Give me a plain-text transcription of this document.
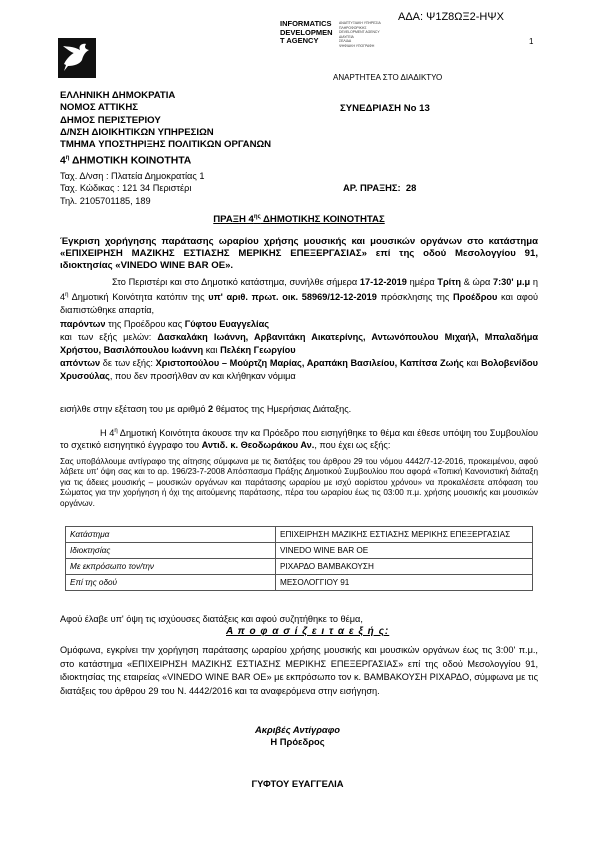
INFORMATICS
DEVELOPMEN
T AGENCY
ΑΝΑΠΤΥΞΙΑΚΗ ΥΠΗΡΕΣΙΑ
ΠΛΗΡΟΦΟΡΙΚΗΣ
DEVELOPMENT AGENCY
ΔΙΑΥΓΕΙΑ
ΣΕΛΙΔΑ
ΨΗΦΙΑΚΗ ΥΠΟΓΡΑΦΗ
ΑΔΑ: Ψ1Ζ8ΩΞ2-ΗΨΧ
1
ΑΝΑΡΤΗΤΕΑ ΣΤΟ ΔΙΑΔΙΚΤΥΟ
ΕΛΛΗΝΙΚΗ ΔΗΜΟΚΡΑΤΙΑ
ΝΟΜΟΣ ΑΤΤΙΚΗΣ
ΔΗΜΟΣ ΠΕΡΙΣΤΕΡΙΟΥ
Δ/ΝΣΗ ΔΙΟΙΚΗΤΙΚΩΝ ΥΠΗΡΕΣΙΩΝ
ΤΜΗΜΑ ΥΠΟΣΤΗΡΙΞΗΣ ΠΟΛΙΤΙΚΩΝ ΟΡΓΑΝΩΝ
ΣΥΝΕΔΡΙΑΣΗ Νο 13
$4^\eta$ ΔΗΜΟΤΙΚΗ ΚΟΙΝΟΤΗΤΑ
Ταχ. Δ/νση : Πλατεία Δημοκρατίας 1
Ταχ. Κώδικας : 121 34 Περιστέρι
Τηλ. 2105701185, 189
ΑΡ. ΠΡΑΞΗΣ: 28
ΠΡΑΞΗ $4^{\eta\varsigma}$ ΔΗΜΟΤΙΚΗΣ ΚΟΙΝΟΤΗΤΑΣ
Έγκριση χορήγησης παράτασης ωραρίου χρήσης μουσικής και μουσικών οργάνων στο κατάστημα «ΕΠΙΧΕΙΡΗΣΗ ΜΑΖΙΚΗΣ ΕΣΤΙΑΣΗΣ ΜΕΡΙΚΗΣ ΕΠΕΞΕΡΓΑΣΙΑΣ» επί της οδού Μεσολογγίου 91, ιδιοκτησίας «VINEDO WINE BAR OE».
Στο Περιστέρι και στο Δημοτικό κατάστημα, συνήλθε σήμερα 17-12-2019 ημέρα Τρίτη & ώρα 7:30' μ.μ η $4^\eta$ Δημοτική Κοινότητα κατόπιν της υπ' αριθ. πρωτ. οικ. 58969/12-12-2019 πρόσκλησης της Προέδρου και αφού διαπιστώθηκε απαρτία,
παρόντων της Προέδρου κας Γύφτου Ευαγγελίας
και των εξής μελών: Δασκαλάκη Ιωάννη, Αρβανιτάκη Αικατερίνης, Αντωνόπουλου Μιχαήλ, Μπαλαδήμα Χρήστου, Βασιλόπουλου Ιωάννη και Πελέκη Γεωργίου
απόντων δε των εξής: Χριστοπούλου – Μούρτζη Μαρίας, Αραπάκη Βασιλείου, Καπίτσα Ζωής και Βολοβενίδου Χρυσούλας, που δεν προσήλθαν αν και κλήθηκαν νόμιμα
εισήλθε στην εξέταση του με αριθμό 2 θέματος της Ημερήσιας Διάταξης.
Η $4^\eta$ Δημοτική Κοινότητα άκουσε την κα Πρόεδρο που εισηγήθηκε το θέμα και έθεσε υπόψη του Συμβουλίου το σχετικό εισηγητικό έγγραφο του Αντιδ. κ. Θεοδωράκου Αν., που έχει ως εξής:
Σας υποβάλλουμε αντίγραφο της αίτησης σύμφωνα με τις διατάξεις του άρθρου 29 του νόμου 4442/7-12-2016, προκειμένου, αφού λάβετε υπ' όψη σας και το αρ. 196/23-7-2008 Απόσπασμα Πράξης Δημοτικού Συμβουλίου που αφορά «Τοπική Κανονιστική διάταξη για τις άδειες μουσικής – μουσικών οργάνων και παράτασης ωραρίου με ισχύ αορίστου χρόνου» να προκαλέσετε απόφαση του Σώματος για την χορήγηση ή όχι της αιτούμενης παράτασης, πέρα του ωραρίου έως τις 03:00 π.μ. χρήσης μουσικής και μουσικών οργάνων.
Κατάστημα	ΕΠΙΧΕΙΡΗΣΗ ΜΑΖΙΚΗΣ ΕΣΤΙΑΣΗΣ ΜΕΡΙΚΗΣ ΕΠΕΞΕΡΓΑΣΙΑΣ
Ιδιοκτησίας	VINEDO WINE BAR OE
Με εκπρόσωπο τον/την	ΡΙΧΑΡΔΟ ΒΑΜΒΑΚΟΥΣΗ
Επί της οδού	ΜΕΣΟΛΟΓΓΙΟΥ 91
Αφού έλαβε υπ' όψη τις ισχύουσες διατάξεις και αφού συζητήθηκε το θέμα,
Α π ο φ α σ ί ζ ε ι τ α ε ξ ή ς:
Ομόφωνα, εγκρίνει την χορήγηση παράτασης ωραρίου χρήσης μουσικής και μουσικών οργάνων έως τις 3:00' π.μ., στο κατάστημα «ΕΠΙΧΕΙΡΗΣΗ ΜΑΖΙΚΗΣ ΕΣΤΙΑΣΗΣ ΜΕΡΙΚΗΣ ΕΠΕΞΕΡΓΑΣΙΑΣ» επί της οδού Μεσολογγίου 91, ιδιοκτησίας της εταιρείας «VINEDO WINE BAR OE» με εκπρόσωπο τον κ. ΒΑΜΒΑΚΟΥΣΗ ΡΙΧΑΡΔΟ, σύμφωνα με τις διατάξεις του άρθρου 29 του Ν. 4442/2016 και τα αναφερόμενα στην εισήγηση.
Ακριβές Αντίγραφο
Η Πρόεδρος
ΓΥΦΤΟΥ ΕΥΑΓΓΕΛΙΑ
